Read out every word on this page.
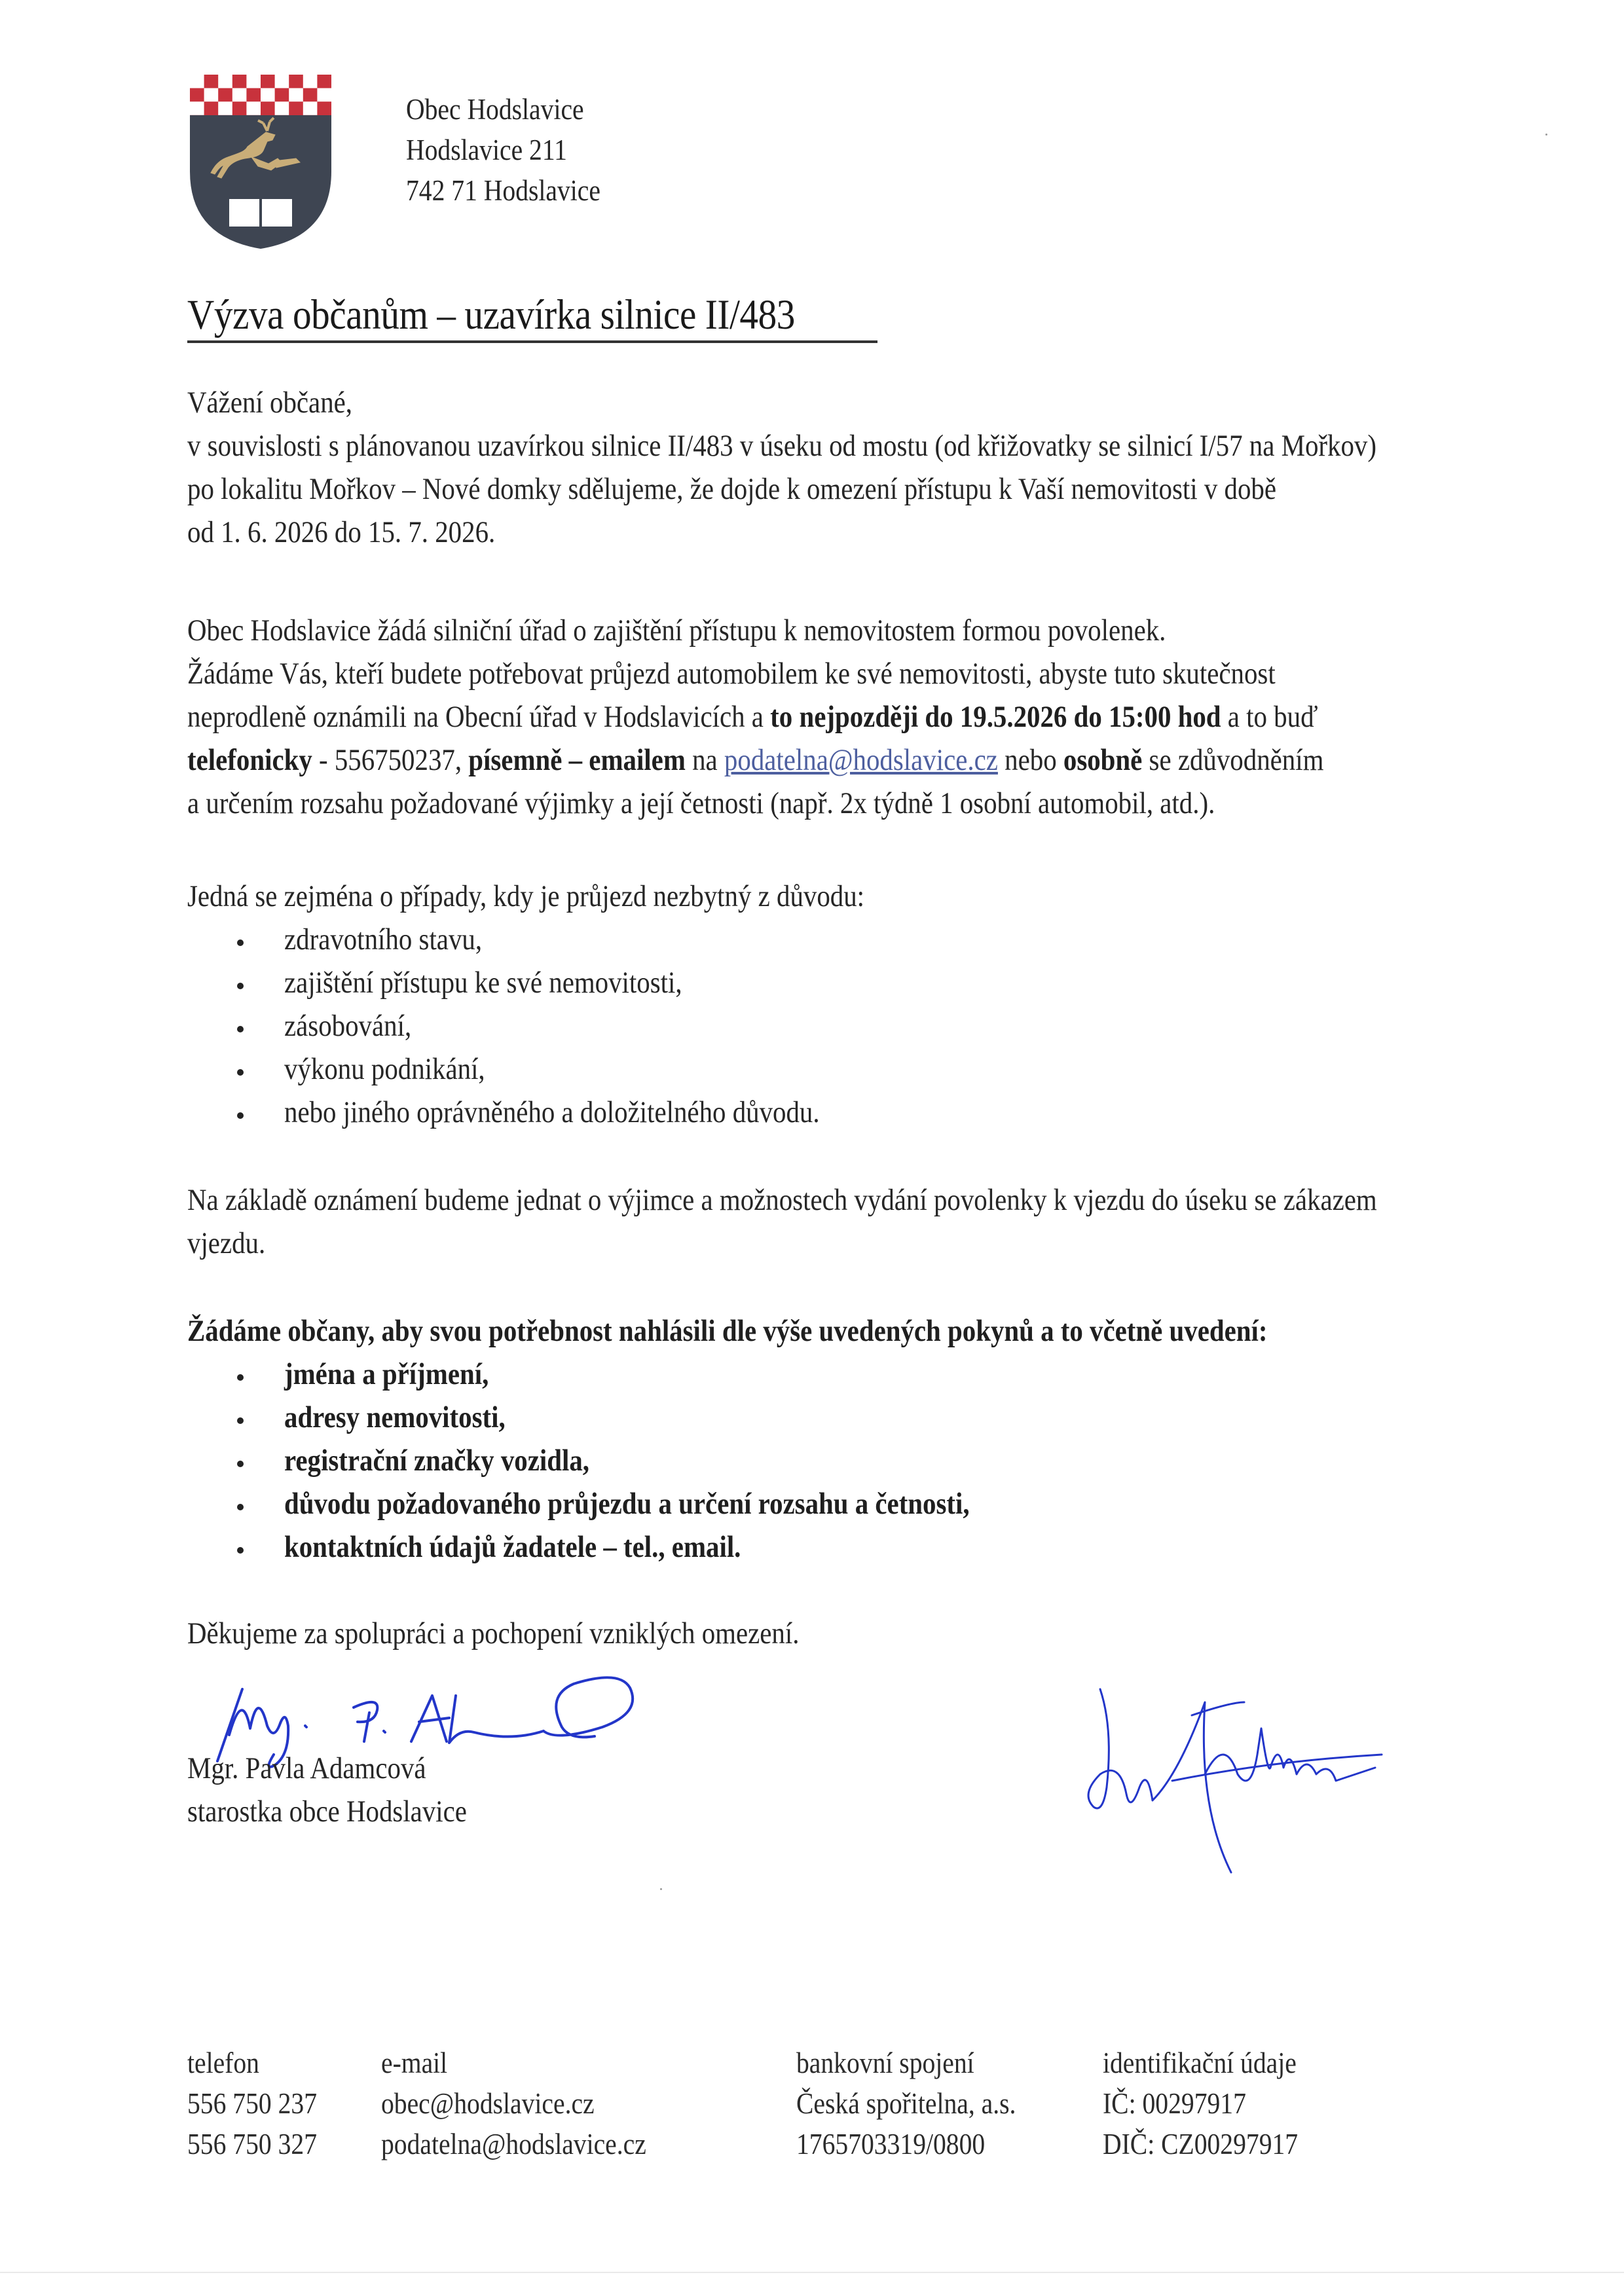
Obec Hodslavice
Hodslavice 211
742 71 Hodslavice
Výzva občanům – uzavírka silnice II/483
Vážení občané,
v souvislosti s plánovanou uzavírkou silnice II/483 v úseku od mostu (od křižovatky se silnicí I/57 na Mořkov)
po lokalitu Mořkov – Nové domky sdělujeme, že dojde k omezení přístupu k Vaší nemovitosti v době
od 1. 6. 2026 do 15. 7. 2026.
Obec Hodslavice žádá silniční úřad o zajištění přístupu k nemovitostem formou povolenek.
Žádáme Vás, kteří budete potřebovat průjezd automobilem ke své nemovitosti, abyste tuto skutečnost
neprodleně oznámili na Obecní úřad v Hodslavicích a to nejpozději do 19.5.2026 do 15:00 hod a to buď
telefonicky - 556750237, písemně – emailem na podatelna@hodslavice.cz nebo osobně se zdůvodněním
a určením rozsahu požadované výjimky a její četnosti (např. 2x týdně 1 osobní automobil, atd.).
Jedná se zejména o případy, kdy je průjezd nezbytný z důvodu:
zdravotního stavu,
zajištění přístupu ke své nemovitosti,
zásobování,
výkonu podnikání,
nebo jiného oprávněného a doložitelného důvodu.
Na základě oznámení budeme jednat o výjimce a možnostech vydání povolenky k vjezdu do úseku se zákazem
vjezdu.
Žádáme občany, aby svou potřebnost nahlásili dle výše uvedených pokynů a to včetně uvedení:
jména a příjmení,
adresy nemovitosti,
registrační značky vozidla,
důvodu požadovaného průjezdu a určení rozsahu a četnosti,
kontaktních údajů žadatele – tel., email.
Děkujeme za spolupráci a pochopení vzniklých omezení.
Mgr. Pavla Adamcová
starostka obce Hodslavice
telefon
556 750 237
556 750 327
e-mail
obec@hodslavice.cz
podatelna@hodslavice.cz
bankovní spojení
Česká spořitelna, a.s.
1765703319/0800
identifikační údaje
IČ: 00297917
DIČ: CZ00297917
